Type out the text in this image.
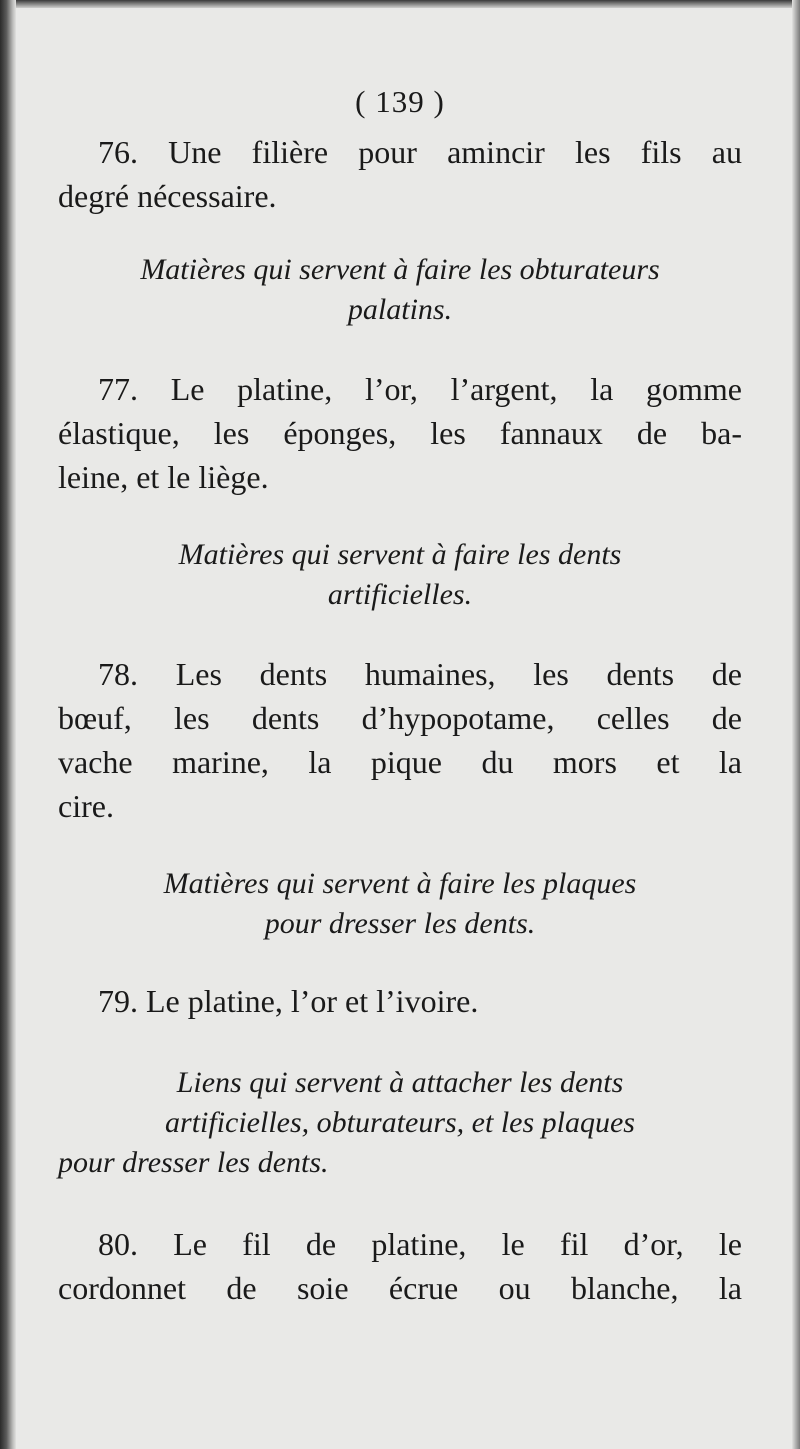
( 139 )
76. Une filière pour amincir les fils au
degré nécessaire.
Matières qui servent à faire les obturateurs
palatins.
77. Le platine, l’or, l’argent, la gomme
élastique, les éponges, les fannaux de ba-
leine, et le liège.
Matières qui servent à faire les dents
artificielles.
78. Les dents humaines, les dents de
bœuf, les dents d’hypopotame, celles de
vache marine, la pique du mors et la
cire.
Matières qui servent à faire les plaques
pour dresser les dents.
79. Le platine, l’or et l’ivoire.
Liens qui servent à attacher les dents
artificielles, obturateurs, et les plaques
pour dresser les dents.
80. Le fil de platine, le fil d’or, le
cordonnet de soie écrue ou blanche, la
